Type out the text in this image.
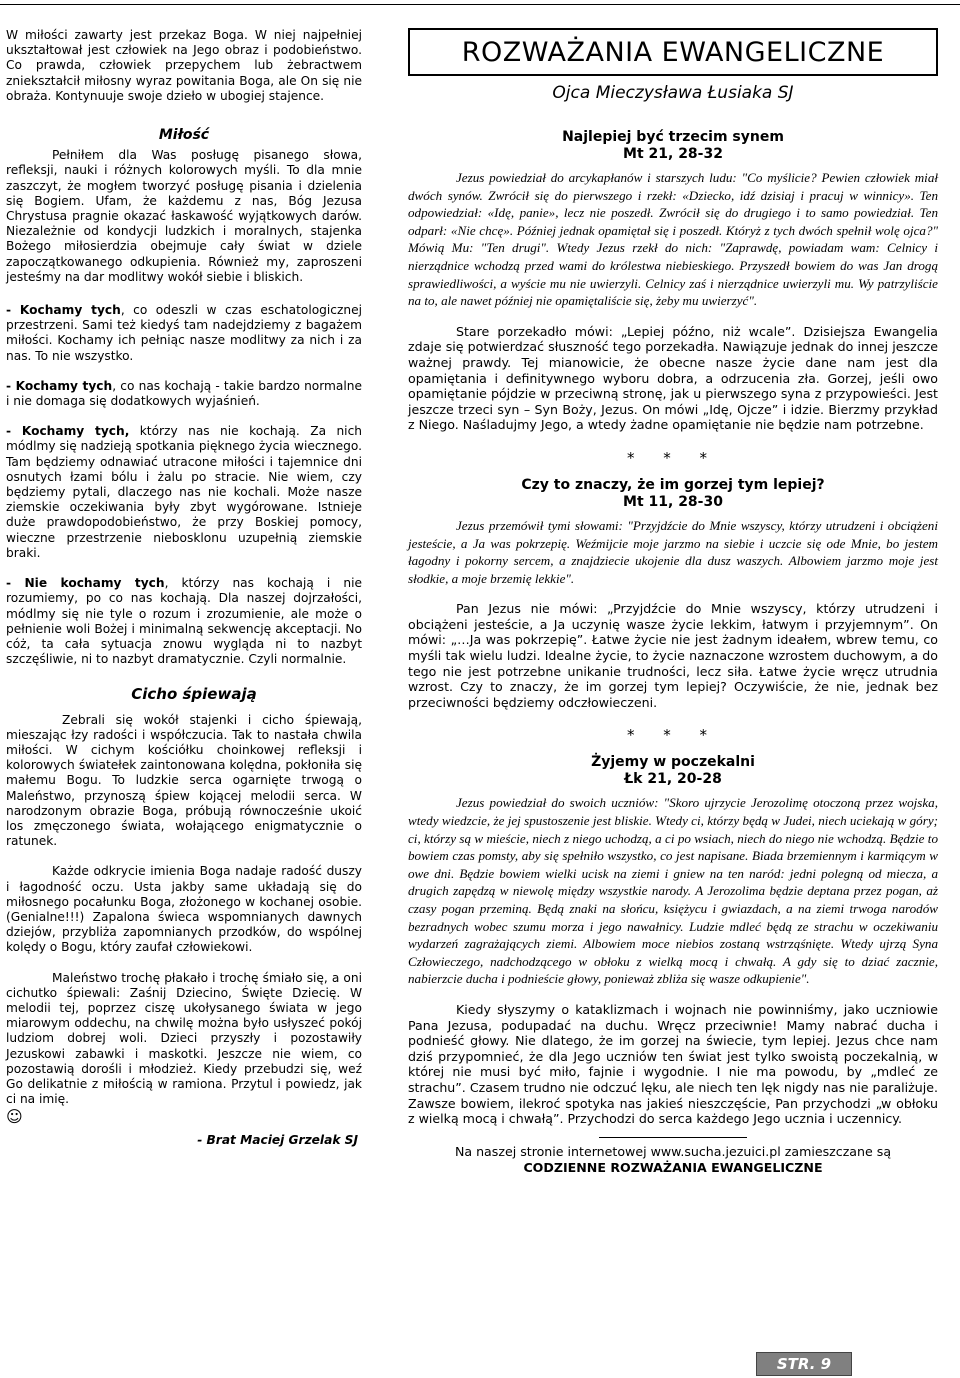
W miłości zawarty jest przekaz Boga. W niej najpełniej ukształtował jest człowiek na Jego obraz i podobieństwo. Co prawda, człowiek przepychem lub żebractwem zniekształcił miłosny wyraz powitania Boga, ale On się nie obraża. Kontynuuje swoje dzieło w ubogiej stajence.

Miłość

Pełniłem dla Was posługę pisanego słowa, refleksji, nauki i różnych kolorowych myśli. To dla mnie zaszczyt, że mogłem tworzyć posługę pisania i dzielenia się Bogiem. Ufam, że każdemu z nas, Bóg Jezusa Chrystusa pragnie okazać łaskawość wyjątkowych darów. Niezależnie od kondycji ludzkich i moralnych, stajenka Bożego miłosierdzia obejmuje cały świat w dziele zapoczątkowanego odkupienia. Również my, zaproszeni jesteśmy na dar modlitwy wokół siebie i bliskich.

- Kochamy tych, co odeszli w czas eschatologicznej przestrzeni. Sami też kiedyś tam nadejdziemy z bagażem miłości. Kochamy ich pełniąc nasze modlitwy za nich i za nas. To nie wszystko.

- Kochamy tych, co nas kochają - takie bardzo normalne i nie domaga się dodatkowych wyjaśnień.

- Kochamy tych, którzy nas nie kochają. Za nich módlmy się nadzieją spotkania pięknego życia wiecznego. Tam będziemy odnawiać utracone miłości i tajemnice dni osnutych łzami bólu i żalu po stracie. Nie wiem, czy będziemy pytali, dlaczego nas nie kochali. Może nasze ziemskie oczekiwania były zbyt wygórowane. Istnieje duże prawdopodobieństwo, że przy Boskiej pomocy, wieczne przestrzenie niebosklonu uzupełnią ziemskie braki.

- Nie kochamy tych, którzy nas kochają i nie rozumiemy, po co nas kochają. Dla naszej dojrzałości, módlmy się nie tyle o rozum i zrozumienie, ale może o pełnienie woli Bożej i minimalną sekwencję akceptacji. No cóż, ta cała sytuacja znowu wygląda ni to nazbyt szczęśliwie, ni to nazbyt dramatycznie. Czyli normalnie.

Cicho śpiewają

Zebrali się wokół stajenki i cicho śpiewają, mieszając łzy radości i współczucia. Tak to nastała chwila miłości. W cichym kościółku choinkowej refleksji i kolorowych światełek zaintonowana kolędna, pokłoniła się małemu Bogu. To ludzkie serca ogarnięte trwogą o Maleństwo, przynoszą śpiew kojącej melodii serca. W narodzonym obrazie Boga, próbują równocześnie ukoić los zmęczonego świata, wołającego enigmatycznie o ratunek.

Każde odkrycie imienia Boga nadaje radość duszy i łagodność oczu. Usta jakby same układają się do miłosnego pocałunku Boga, złożonego w kochanej osobie. (Genialne!!!) Zapalona świeca wspomnianych dawnych dziejów, przybliża zapomnianych przodków, do wspólnej kolędy o Bogu, który zaufał człowiekowi.

Maleństwo trochę płakało i trochę śmiało się, a oni cichutko śpiewali: Zaśnij Dziecino, Święte Dziecię. W melodii tej, poprzez ciszę ukołysanego świata w jego miarowym oddechu, na chwilę można było usłyszeć pokój ludziom dobrej woli. Dzieci przyszły i pozostawiły Jezuskowi zabawki i maskotki. Jeszcze nie wiem, co pozostawią dorośli i młodzież. Kiedy przebudzi się, weź Go delikatnie z miłością w ramiona. Przytul i powiedz, jak ci na imię.

☺
- Brat Maciej Grzelak SJ
ROZWAŻANIA EWANGELICZNE
Ojca Mieczysława Łusiaka SJ
Najlepiej być trzecim synem
Mt 21, 28-32

Jezus powiedział do arcykapłanów i starszych ludu: "Co myślicie? Pewien człowiek miał dwóch synów. Zwrócił się do pierwszego i rzekł: «Dziecko, idź dzisiaj i pracuj w winnicy». Ten odpowiedział: «Idę, panie», lecz nie poszedł. Zwrócił się do drugiego i to samo powiedział. Ten odparł: «Nie chcę». Później jednak opamiętał się i poszedł. Któryż z tych dwóch spełnił wolę ojca?" Mówią Mu: "Ten drugi". Wtedy Jezus rzekł do nich: "Zaprawdę, powiadam wam: Celnicy i nierządnice wchodzą przed wami do królestwa niebieskiego. Przyszedł bowiem do was Jan drogą sprawiedliwości, a wyście mu nie uwierzyli. Celnicy zaś i nierządnice uwierzyli mu. Wy patrzyliście na to, ale nawet później nie opamiętaliście się, żeby mu uwierzyć".

Stare porzekadło mówi: „Lepiej późno, niż wcale”. Dzisiejsza Ewangelia zdaje się potwierdzać słuszność tego porzekadła. Nawiązuje jednak do innej jeszcze ważnej prawdy. Tej mianowicie, że obecne nasze życie dane nam jest dla opamiętania i definitywnego wyboru dobra, a odrzucenia zła. Gorzej, jeśli owo opamiętanie pójdzie w przeciwną stronę, jak u pierwszego syna z przypowieści. Jest jeszcze trzeci syn – Syn Boży, Jezus. On mówi „Idę, Ojcze” i idzie. Bierzmy przykład z Niego. Naśladujmy Jego, a wtedy żadne opamiętanie nie będzie nam potrzebne.

* * *
Czy to znaczy, że im gorzej tym lepiej?
Mt 11, 28-30

Jezus przemówił tymi słowami: "Przyjdźcie do Mnie wszyscy, którzy utrudzeni i obciążeni jesteście, a Ja was pokrzepię. Weźmijcie moje jarzmo na siebie i uczcie się ode Mnie, bo jestem łagodny i pokorny sercem, a znajdziecie ukojenie dla dusz waszych. Albowiem jarzmo moje jest słodkie, a moje brzemię lekkie".

Pan Jezus nie mówi: „Przyjdźcie do Mnie wszyscy, którzy utrudzeni i obciążeni jesteście, a Ja uczynię wasze życie lekkim, łatwym i przyjemnym”. On mówi: „…Ja was pokrzepię”. Łatwe życie nie jest żadnym ideałem, wbrew temu, co myśli tak wielu ludzi. Idealne życie, to życie naznaczone wzrostem duchowym, a do tego nie jest potrzebne unikanie trudności, lecz siła. Łatwe życie wręcz utrudnia wzrost. Czy to znaczy, że im gorzej tym lepiej? Oczywiście, że nie, jednak bez przeciwności będziemy odczłowieczeni.

* * *
Żyjemy w poczekalni
Łk 21, 20-28

Jezus powiedział do swoich uczniów: "Skoro ujrzycie Jerozolimę otoczoną przez wojska, wtedy wiedzcie, że jej spustoszenie jest bliskie. Wtedy ci, którzy będą w Judei, niech uciekają w góry; ci, którzy są w mieście, niech z niego uchodzą, a ci po wsiach, niech do niego nie wchodzą. Będzie to bowiem czas pomsty, aby się spełniło wszystko, co jest napisane. Biada brzemiennym i karmiącym w owe dni. Będzie bowiem wielki ucisk na ziemi i gniew na ten naród: jedni polegną od miecza, a drugich zapędzą w niewolę między wszystkie narody. A Jerozolima będzie deptana przez pogan, aż czasy pogan przeminą. Będą znaki na słońcu, księżycu i gwiazdach, a na ziemi trwoga narodów bezradnych wobec szumu morza i jego nawałnicy. Ludzie mdleć będą ze strachu w oczekiwaniu wydarzeń zagrażających ziemi. Albowiem moce niebios zostaną wstrząśnięte. Wtedy ujrzą Syna Człowieczego, nadchodzącego w obłoku z wielką mocą i chwałą. A gdy się to dziać zacznie, nabierzcie ducha i podnieście głowy, ponieważ zbliża się wasze odkupienie".

Kiedy słyszymy o kataklizmach i wojnach nie powinniśmy, jako uczniowie Pana Jezusa, podupadać na duchu. Wręcz przeciwnie! Mamy nabrać ducha i podnieść głowy. Nie dlatego, że im gorzej na świecie, tym lepiej. Jezus chce nam dziś przypomnieć, że dla Jego uczniów ten świat jest tylko swoistą poczekalnią, w której nie musi być miło, fajnie i wygodnie. I nie ma powodu, by „mdleć ze strachu”. Czasem trudno nie odczuć lęku, ale niech ten lęk nigdy nas nie paraliżuje. Zawsze bowiem, ilekroć spotyka nas jakieś nieszczęście, Pan przychodzi „w obłoku z wielką mocą i chwałą”. Przychodzi do serca każdego Jego ucznia i uczennicy.

Na naszej stronie internetowej www.sucha.jezuici.pl zamieszczane są
CODZIENNE ROZWAŻANIA EWANGELICZNE
STR. 9
